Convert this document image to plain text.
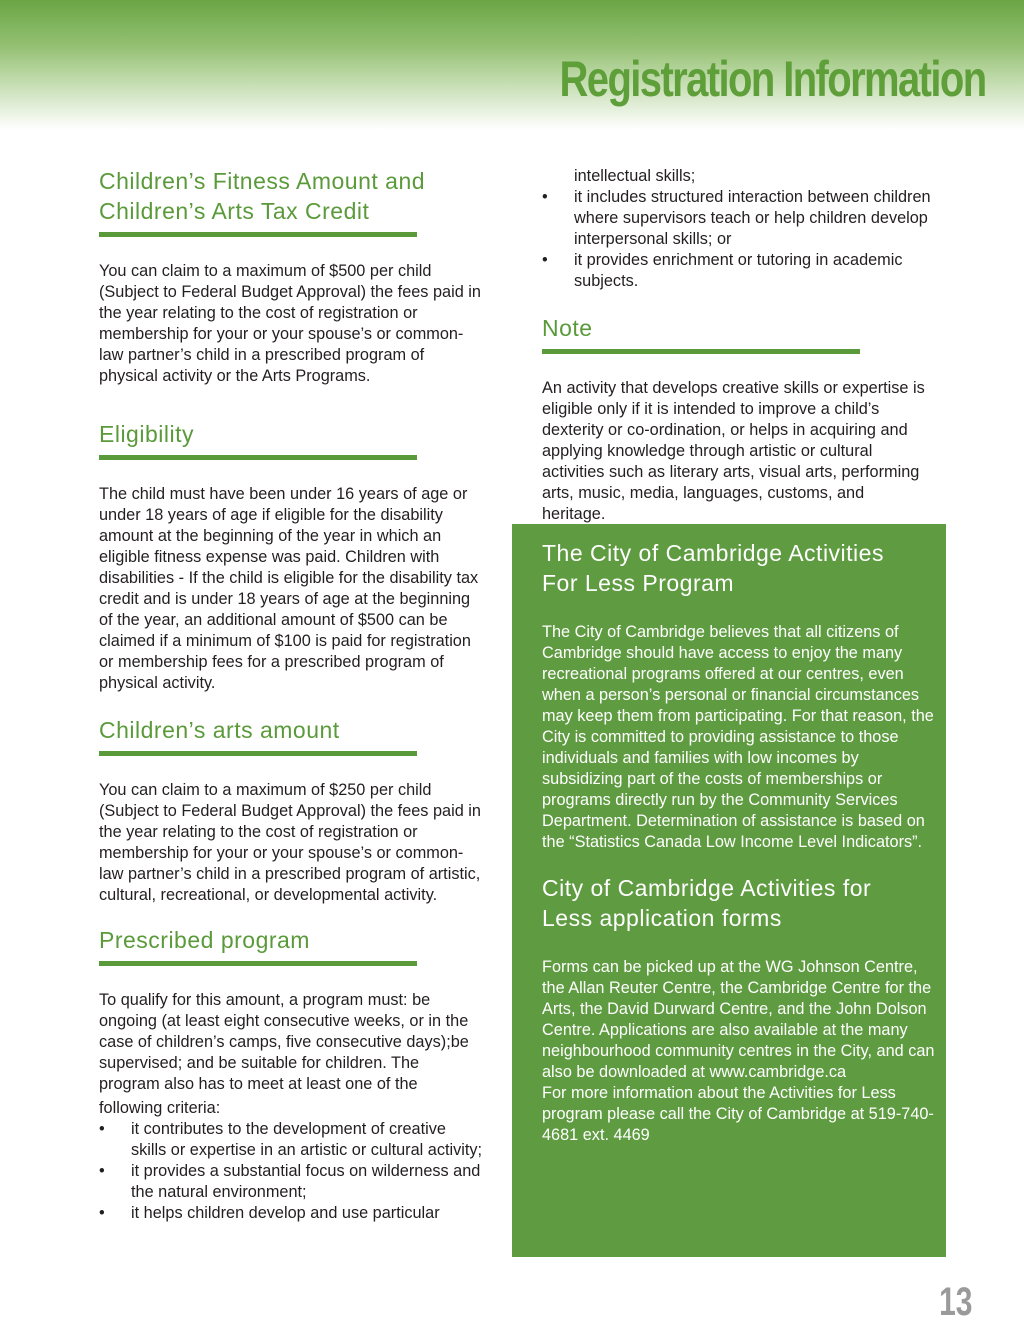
Registration Information
Children’s Fitness Amount and
Children’s Arts Tax Credit

You can claim to a maximum of $500 per child (Subject to Federal Budget Approval) the fees paid in the year relating to the cost of registration or membership for your or your spouse’s or common-law partner’s child in a prescribed program of physical activity or the Arts Programs.

Eligibility

The child must have been under 16 years of age or under 18 years of age if eligible for the disability amount at the beginning of the year in which an eligible fitness expense was paid. Children with disabilities - If the child is eligible for the disability tax credit and is under 18 years of age at the beginning of the year, an additional amount of $500 can be claimed if a minimum of $100 is paid for registration or membership fees for a prescribed program of physical activity.

Children’s arts amount

You can claim to a maximum of $250 per child (Subject to Federal Budget Approval) the fees paid in the year relating to the cost of registration or membership for your or your spouse’s or common-law partner’s child in a prescribed program of artistic, cultural, recreational, or developmental activity.

Prescribed program

To qualify for this amount, a program must: be ongoing (at least eight consecutive weeks, or in the case of children’s camps, five consecutive days);be supervised; and be suitable for children. The program also has to meet at least one of the

following criteria:

• it contributes to the development of creative skills or expertise in an artistic or cultural activity;
• it provides a substantial focus on wilderness and the natural environment;
• it helps children develop and use particular

intellectual skills;

• it includes structured interaction between children where supervisors teach or help children develop interpersonal skills; or
• it provides enrichment or tutoring in academic subjects.
Note

An activity that develops creative skills or expertise is eligible only if it is intended to improve a child’s dexterity or co-ordination, or helps in acquiring and applying knowledge through artistic or cultural activities such as literary arts, visual arts, performing arts, music, media, languages, customs, and heritage.

The City of Cambridge Activities
For Less Program

The City of Cambridge believes that all citizens of Cambridge should have access to enjoy the many recreational programs offered at our centres, even when a person’s personal or financial circumstances may keep them from participating. For that reason, the City is committed to providing assistance to those individuals and families with low incomes by subsidizing part of the costs of memberships or programs directly run by the Community Services Department. Determination of assistance is based on the “Statistics Canada Low Income Level Indicators”.

City of Cambridge Activities for
Less application forms

Forms can be picked up at the WG Johnson Centre, the Allan Reuter Centre, the Cambridge Centre for the Arts, the David Durward Centre, and the John Dolson Centre. Applications are also available at the many neighbourhood community centres in the City, and can also be downloaded at www.cambridge.ca

For more information about the Activities for Less program please call the City of Cambridge at 519-740-4681 ext. 4469

13
